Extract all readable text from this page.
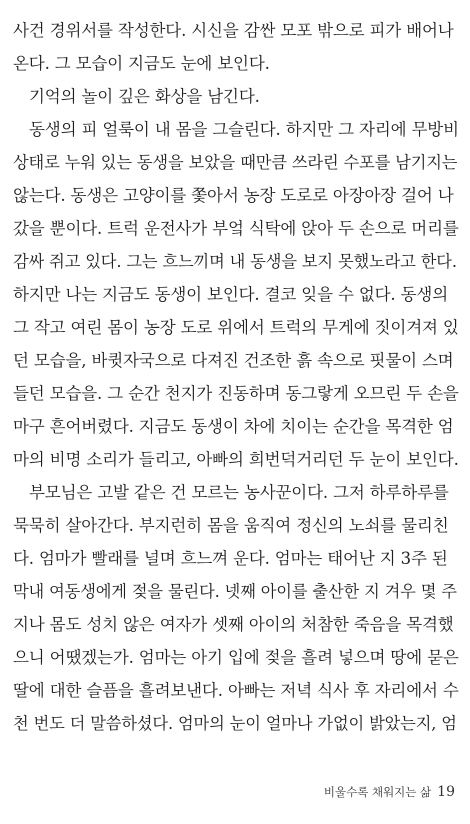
사건 경위서를 작성한다. 시신을 감싼 모포 밖으로 피가 배어나
온다. 그 모습이 지금도 눈에 보인다.
기억의 놀이 깊은 화상을 남긴다.
동생의 피 얼룩이 내 몸을 그슬린다. 하지만 그 자리에 무방비
상태로 누워 있는 동생을 보았을 때만큼 쓰라린 수포를 남기지는
않는다. 동생은 고양이를 쫓아서 농장 도로로 아장아장 걸어 나
갔을 뿐이다. 트럭 운전사가 부엌 식탁에 앉아 두 손으로 머리를
감싸 쥐고 있다. 그는 흐느끼며 내 동생을 보지 못했노라고 한다.
하지만 나는 지금도 동생이 보인다. 결코 잊을 수 없다. 동생의
그 작고 여린 몸이 농장 도로 위에서 트럭의 무게에 짓이겨져 있
던 모습을, 바큇자국으로 다져진 건조한 흙 속으로 핏물이 스며
들던 모습을. 그 순간 천지가 진동하며 동그랗게 오므린 두 손을
마구 흔어버렸다. 지금도 동생이 차에 치이는 순간을 목격한 엄
마의 비명 소리가 들리고, 아빠의 희번덕거리던 두 눈이 보인다.
부모님은 고발 같은 건 모르는 농사꾼이다. 그저 하루하루를
묵묵히 살아간다. 부지런히 몸을 움직여 정신의 노쇠를 물리친
다. 엄마가 빨래를 널며 흐느껴 운다. 엄마는 태어난 지 3주 된
막내 여동생에게 젖을 물린다. 넷째 아이를 출산한 지 겨우 몇 주
지나 몸도 성치 않은 여자가 셋째 아이의 처참한 죽음을 목격했
으니 어땠겠는가. 엄마는 아기 입에 젖을 흘려 넣으며 땅에 묻은
딸에 대한 슬픔을 흘려보낸다. 아빠는 저녁 식사 후 자리에서 수
천 번도 더 말씀하셨다. 엄마의 눈이 얼마나 가없이 밝았는지, 엄
비울수록 채워지는 삶 19
